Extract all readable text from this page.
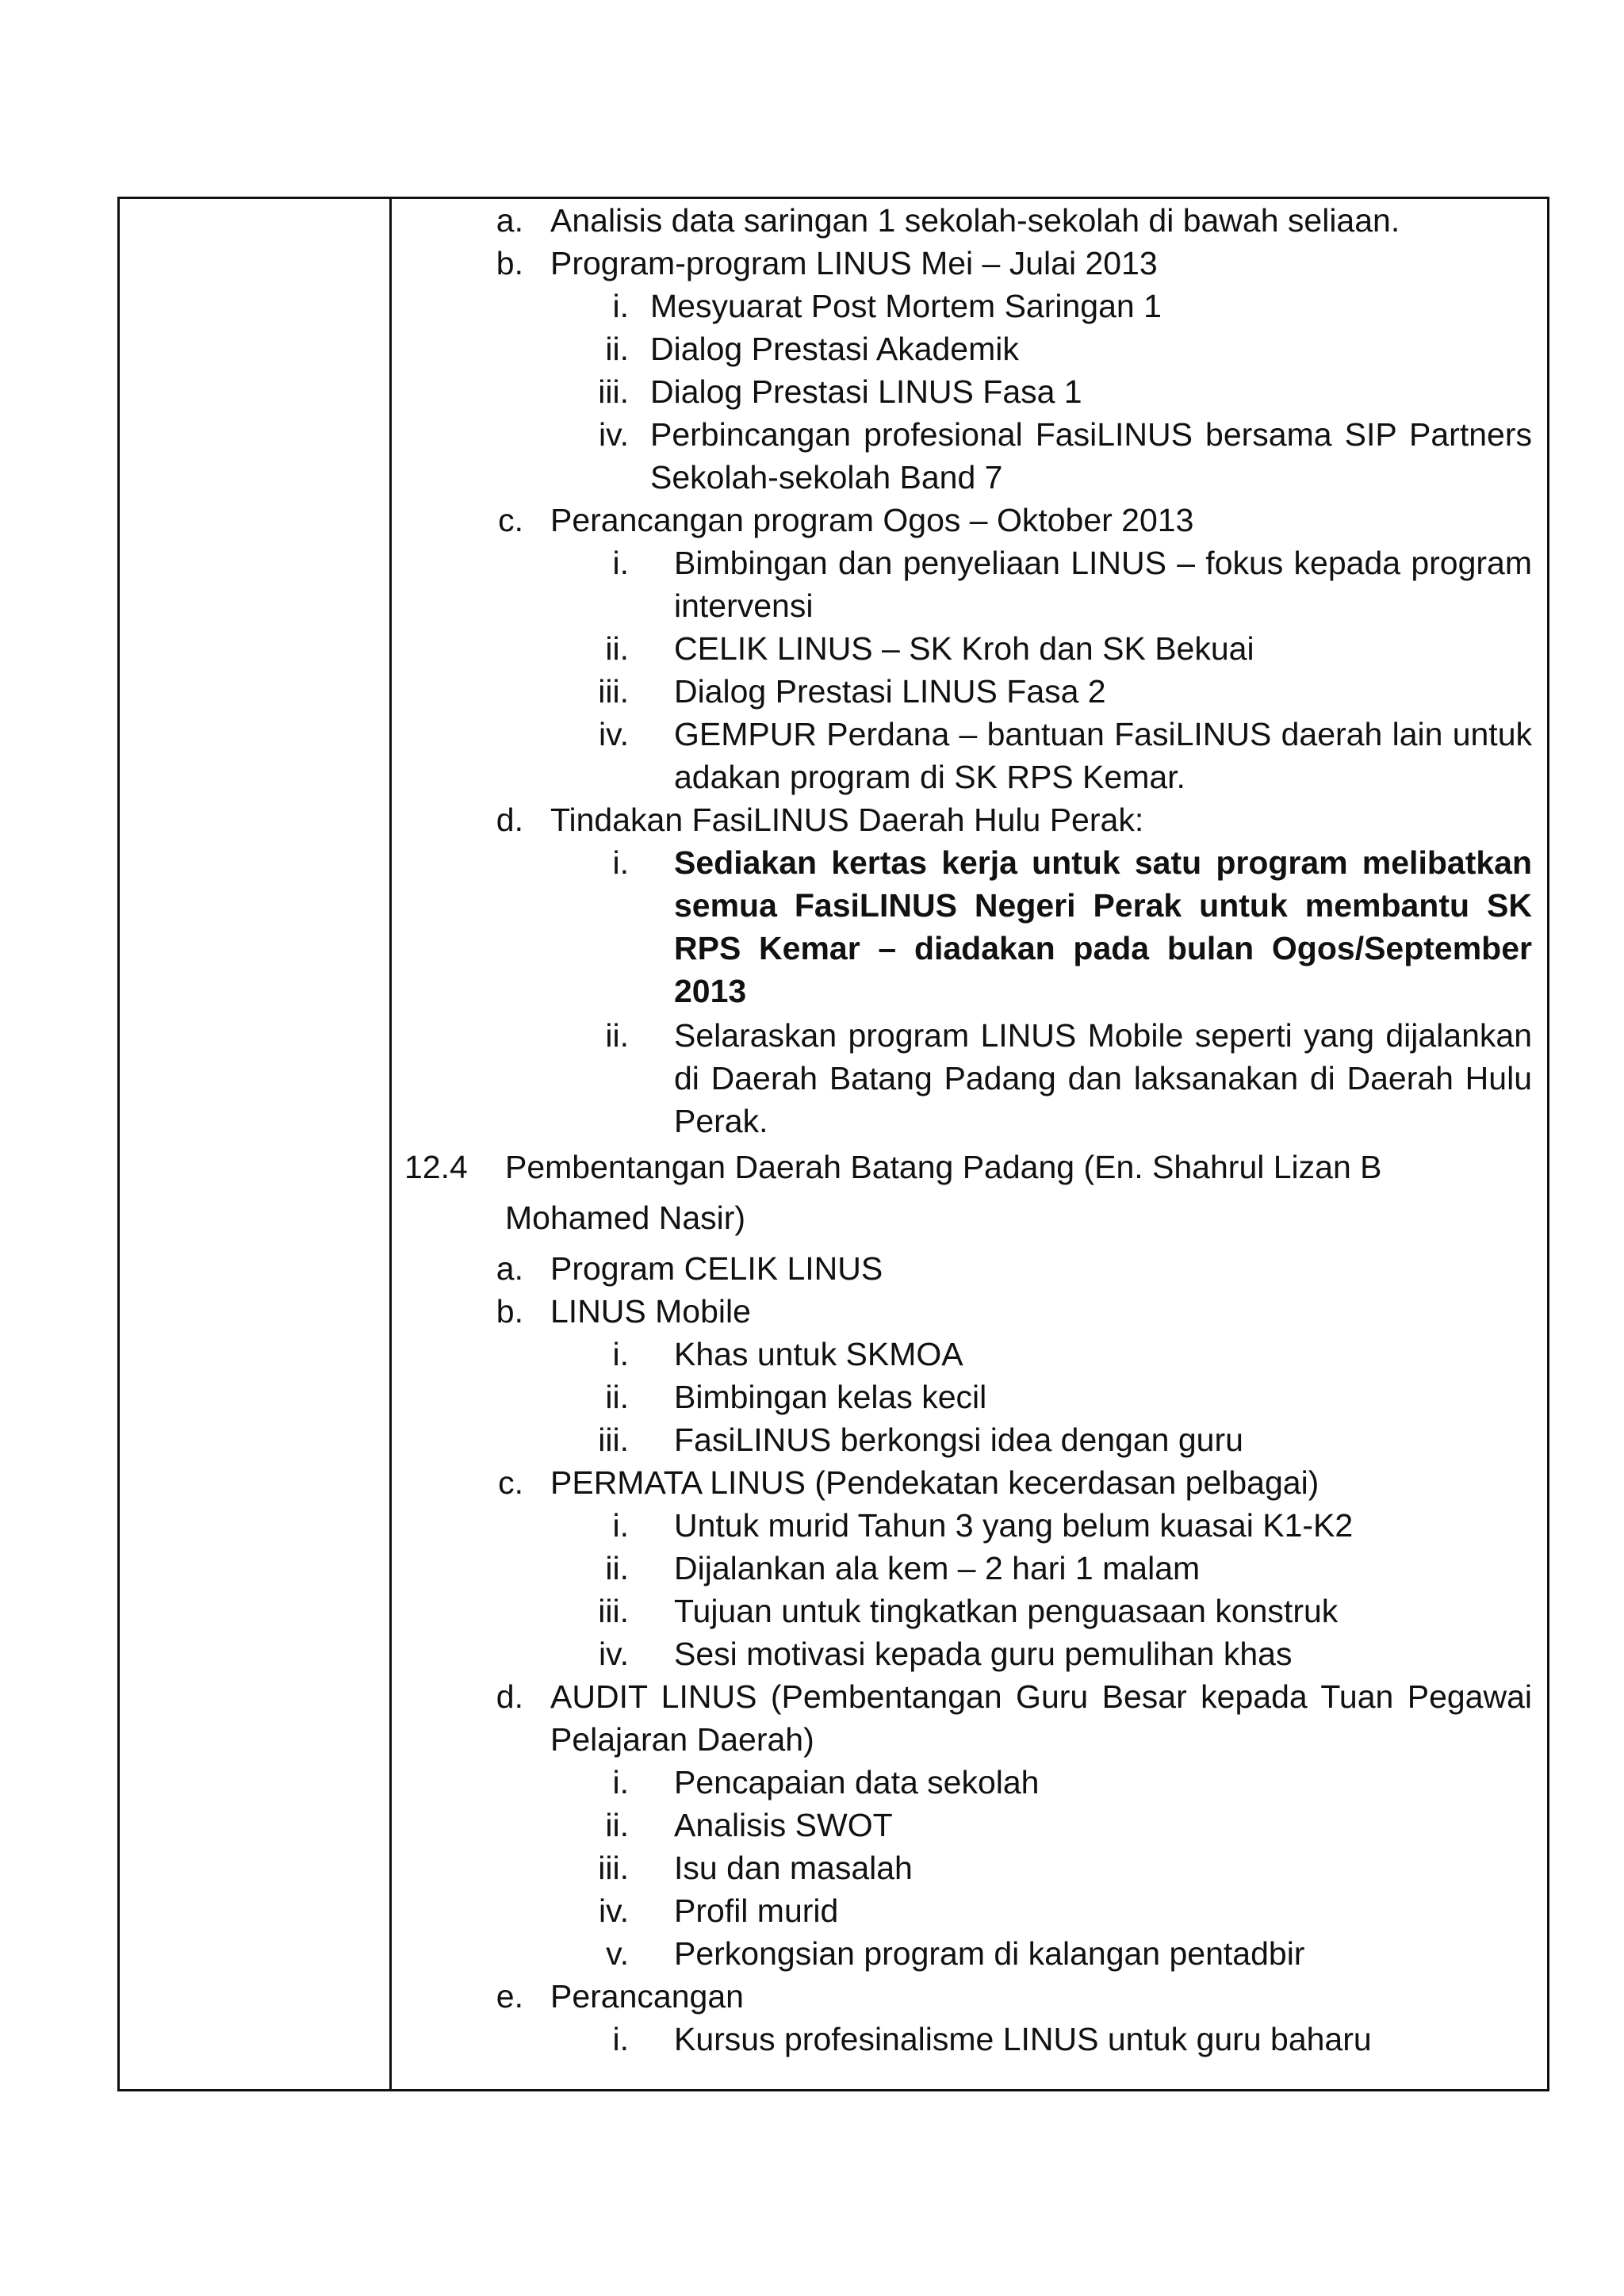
a. Analisis data saringan 1 sekolah-sekolah di bawah seliaan.
b. Program-program LINUS Mei – Julai 2013
i. Mesyuarat Post Mortem Saringan 1
ii. Dialog Prestasi Akademik
iii. Dialog Prestasi LINUS Fasa 1
iv. Perbincangan profesional FasiLINUS bersama SIP Partners
Sekolah-sekolah Band 7
c. Perancangan program Ogos – Oktober 2013
i. Bimbingan dan penyeliaan LINUS – fokus kepada program
intervensi
ii. CELIK LINUS – SK Kroh dan SK Bekuai
iii. Dialog Prestasi LINUS Fasa 2
iv. GEMPUR Perdana – bantuan FasiLINUS daerah lain untuk
adakan program di SK RPS Kemar.
d. Tindakan FasiLINUS Daerah Hulu Perak:
i. Sediakan kertas kerja untuk satu program melibatkan
semua FasiLINUS Negeri Perak untuk membantu SK
RPS Kemar – diadakan pada bulan Ogos/September
2013
ii. Selaraskan program LINUS Mobile seperti yang dijalankan
di Daerah Batang Padang dan laksanakan di Daerah Hulu
Perak.
12.4 Pembentangan Daerah Batang Padang (En. Shahrul Lizan B
Mohamed Nasir)
a. Program CELIK LINUS
b. LINUS Mobile
i. Khas untuk SKMOA
ii. Bimbingan kelas kecil
iii. FasiLINUS berkongsi idea dengan guru
c. PERMATA LINUS (Pendekatan kecerdasan pelbagai)
i. Untuk murid Tahun 3 yang belum kuasai K1-K2
ii. Dijalankan ala kem – 2 hari 1 malam
iii. Tujuan untuk tingkatkan penguasaan konstruk
iv. Sesi motivasi kepada guru pemulihan khas
d. AUDIT LINUS (Pembentangan Guru Besar kepada Tuan Pegawai
Pelajaran Daerah)
i. Pencapaian data sekolah
ii. Analisis SWOT
iii. Isu dan masalah
iv. Profil murid
v. Perkongsian program di kalangan pentadbir
e. Perancangan
i. Kursus profesinalisme LINUS untuk guru baharu
